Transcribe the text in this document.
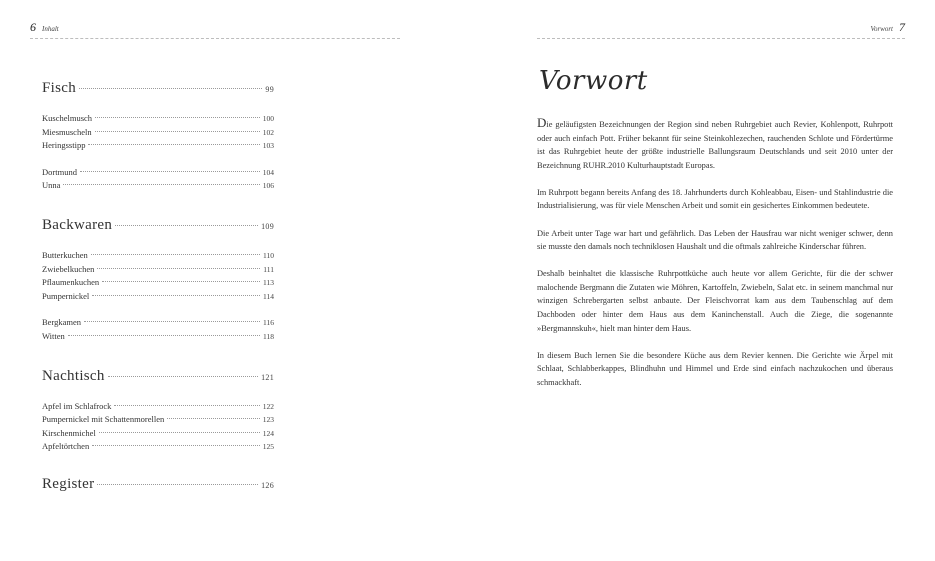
6 Inhalt
Fisch	99
Kuschelmusch	100
Miesmuscheln	102
Heringsstipp	103
Dortmund	104
Unna	106
Backwaren	109
Butterkuchen	110
Zwiebelkuchen	111
Pflaumenkuchen	113
Pumpernickel	114
Bergkamen	116
Witten	118
Nachtisch	121
Apfel im Schlafrock	122
Pumpernickel mit Schattenmorellen	123
Kirschenmichel	124
Apfeltörtchen	125
Register	126
Vorwort 7
Vorwort

Die geläufigsten Bezeichnungen der Region sind neben Ruhrgebiet auch Revier, Kohlenpott, Ruhrpott oder auch einfach Pott. Früher bekannt für seine Steinkohlezechen, rauchenden Schlote und Fördertürme ist das Ruhrgebiet heute der größte industrielle Ballungsraum Deutschlands und seit 2010 unter der Bezeichnung RUHR.2010 Kulturhauptstadt Europas.

Im Ruhrpott begann bereits Anfang des 18. Jahrhunderts durch Kohleabbau, Eisen- und Stahlindustrie die Industrialisierung, was für viele Menschen Arbeit und somit ein gesichertes Einkommen bedeutete.

Die Arbeit unter Tage war hart und gefährlich. Das Leben der Hausfrau war nicht weniger schwer, denn sie musste den damals noch techniklosen Haushalt und die oftmals zahlreiche Kinderschar führen.

Deshalb beinhaltet die klassische Ruhrpottküche auch heute vor allem Gerichte, für die der schwer malochende Bergmann die Zutaten wie Möhren, Kartoffeln, Zwiebeln, Salat etc. in seinem manchmal nur winzigen Schrebergarten selbst anbaute. Der Fleischvorrat kam aus dem Taubenschlag auf dem Dachboden oder hinter dem Haus aus dem Kaninchenstall. Auch die Ziege, die sogenannte »Bergmannskuh«, hielt man hinter dem Haus.

In diesem Buch lernen Sie die besondere Küche aus dem Revier kennen. Die Gerichte wie Ärpel mit Schlaat, Schlabberkappes, Blindhuhn und Himmel und Erde sind einfach nachzukochen und überaus schmackhaft.
